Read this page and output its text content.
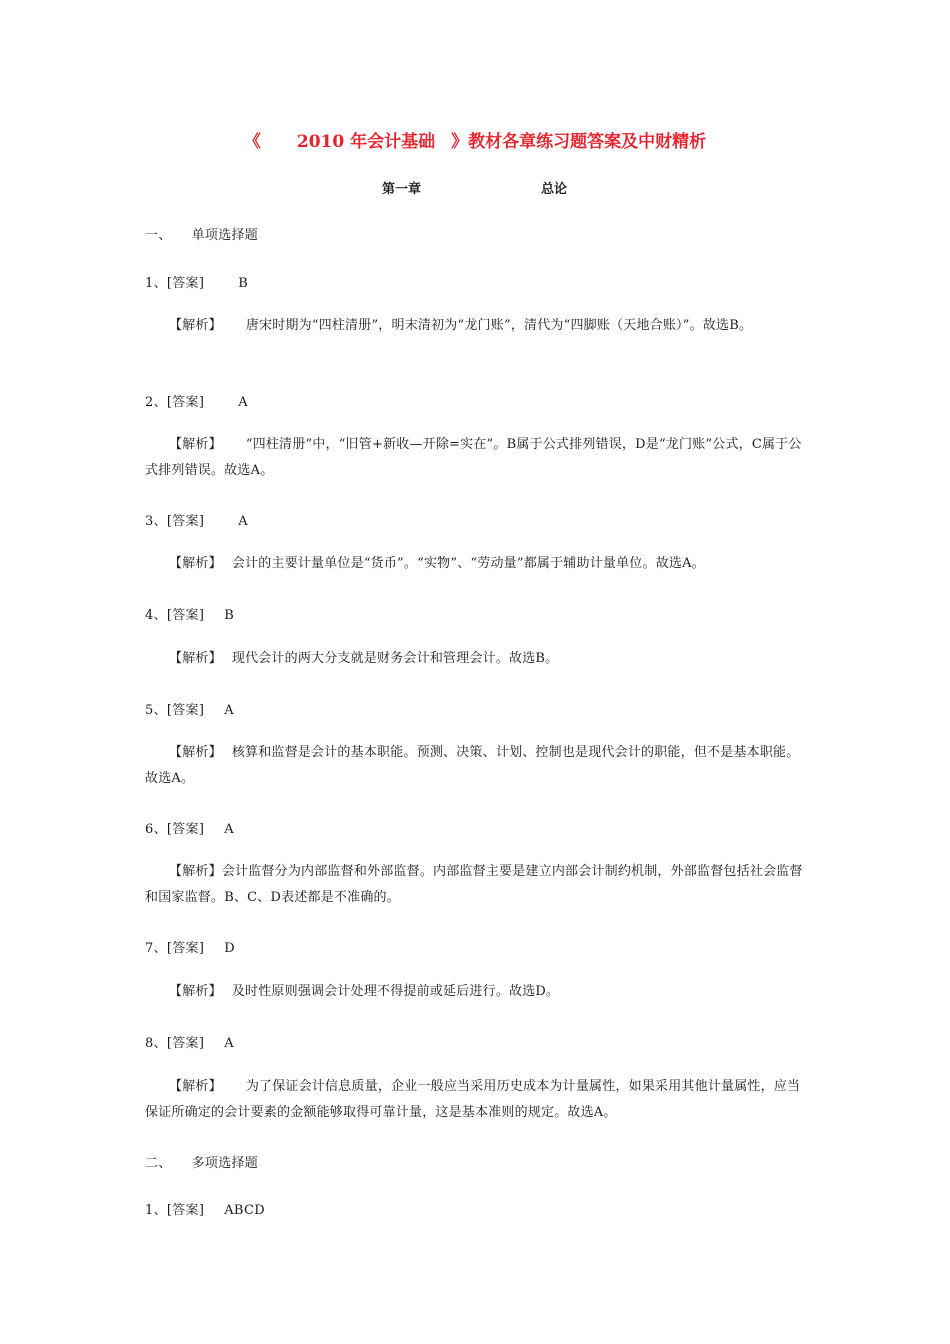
《 2010 年会计基础 》教材各章练习题答案及中财精析
第一章	总论
一、 单项选择题
1、[答案]	B
【解析】 唐宋时期为“四柱清册”，明末清初为“龙门账”，清代为“四脚账（天地合账）”。故选B。
2、[答案]	A
【解析】 “四柱清册”中，“旧管+新收—开除=实在”。B属于公式排列错误，D是“龙门账”公式，C属于公式排列错误。故选A。
3、[答案]	A
【解析】 会计的主要计量单位是“货币”。“实物”、“劳动量”都属于辅助计量单位。故选A。
4、[答案] B
【解析】 现代会计的两大分支就是财务会计和管理会计。故选B。
5、[答案] A
【解析】 核算和监督是会计的基本职能。预测、决策、计划、控制也是现代会计的职能，但不是基本职能。故选A。
6、[答案] A
【解析】会计监督分为内部监督和外部监督。内部监督主要是建立内部会计制约机制，外部监督包括社会监督和国家监督。B、C、D表述都是不准确的。
7、[答案] D
【解析】 及时性原则强调会计处理不得提前或延后进行。故选D。
8、[答案] A
【解析】 为了保证会计信息质量，企业一般应当采用历史成本为计量属性，如果采用其他计量属性，应当保证所确定的会计要素的金额能够取得可靠计量，这是基本准则的规定。故选A。
二、 多项选择题
1、[答案] ABCD
